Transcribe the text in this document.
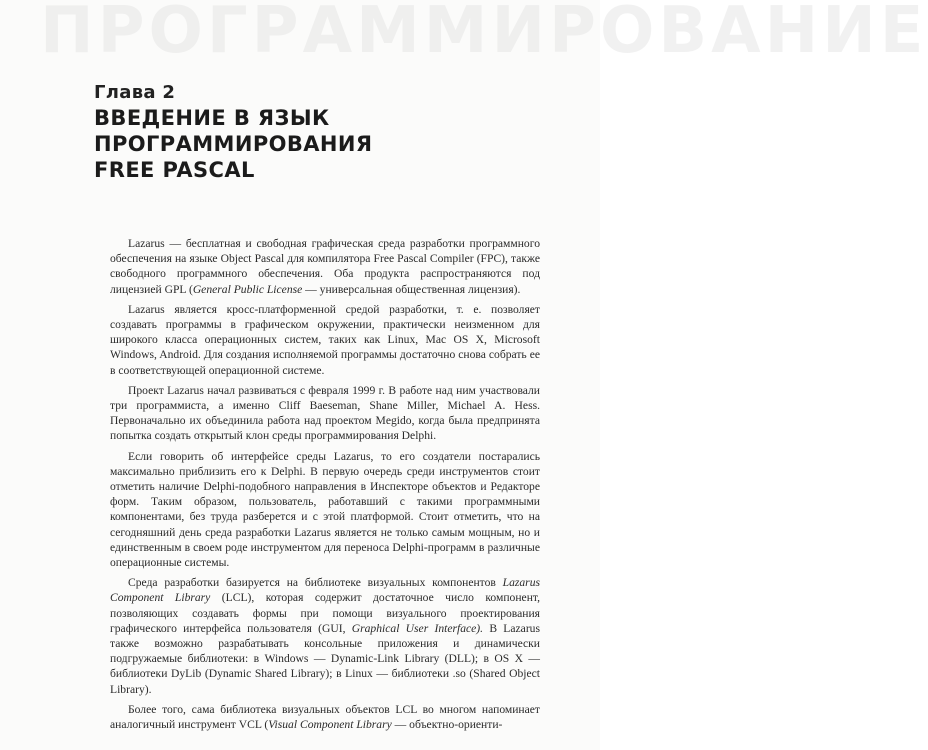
ПРОГРАММИРОВАНИЕ
Глава 2
ВВЕДЕНИЕ В ЯЗЫК ПРОГРАММИРОВАНИЯ
FREE PASCAL

Lazarus — бесплатная и свободная графическая среда разработки программного обеспечения на языке Object Pascal для компилятора Free Pascal Compiler (FPC), также свободного программного обеспечения. Оба продукта распространяются под лицензией GPL (General Public License — универсальная общественная лицензия).

Lazarus является кросс-платформенной средой разработки, т. е. позволяет создавать программы в графическом окружении, практически неизменном для широкого класса операционных систем, таких как Linux, Mac OS X, Microsoft Windows, Android. Для создания исполняемой программы достаточно снова собрать ее в соответствующей операционной системе.

Проект Lazarus начал развиваться с февраля 1999 г. В работе над ним участвовали три программиста, а именно Cliff Baeseman, Shane Miller, Michael A. Hess. Первоначально их объединила работа над проектом Megido, когда была предпринята попытка создать открытый клон среды программирования Delphi.

Если говорить об интерфейсе среды Lazarus, то его создатели постарались максимально приблизить его к Delphi. В первую очередь среди инструментов стоит отметить наличие Delphi-подобного направления в Инспекторе объектов и Редакторе форм. Таким образом, пользователь, работавший с такими программными компонентами, без труда разберется и с этой платформой. Стоит отметить, что на сегодняшний день среда разработки Lazarus является не только самым мощным, но и единственным в своем роде инструментом для переноса Delphi-программ в различные операционные системы.

Среда разработки базируется на библиотеке визуальных компонентов Lazarus Component Library (LCL), которая содержит достаточное число компонент, позволяющих создавать формы при помощи визуального проектирования графического интерфейса пользователя (GUI, Graphical User Interface). В Lazarus также возможно разрабатывать консольные приложения и динамически подгружаемые библиотеки: в Windows — Dynamic-Link Library (DLL); в OS X —библиотеки DyLib (Dynamic Shared Library); в Linux — библиотеки .so (Shared Object Library).

Более того, сама библиотека визуальных объектов LCL во многом напоминает аналогичный инструмент VCL (Visual Component Library — объектно-ориенти-
